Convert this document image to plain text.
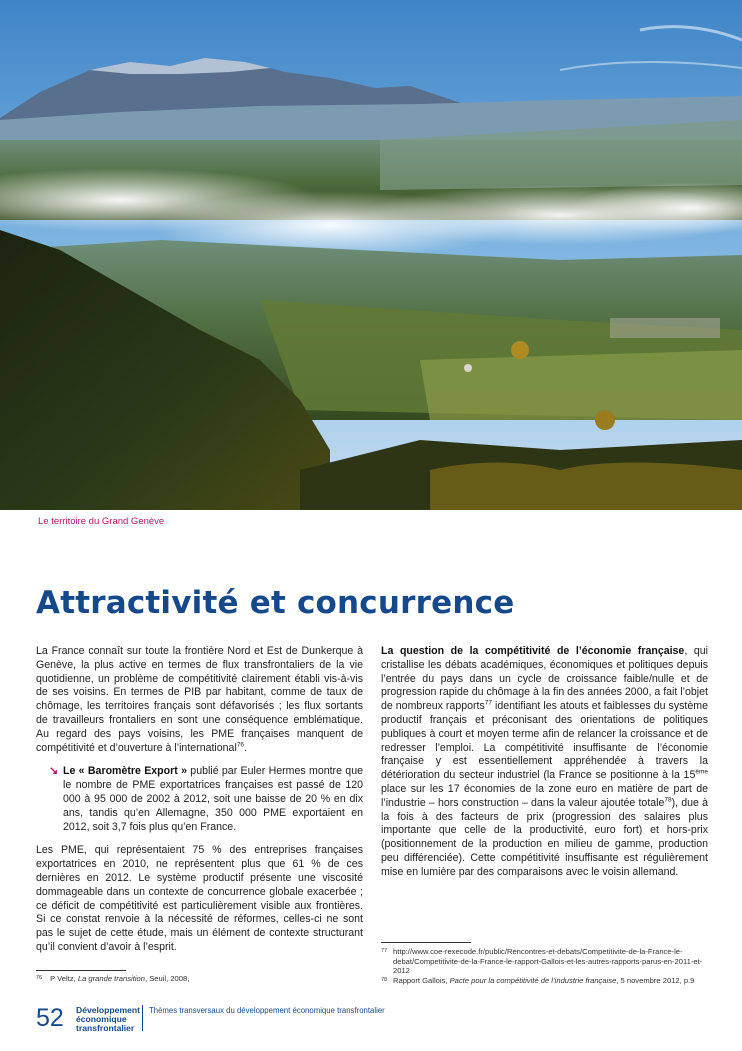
Le territoire du Grand Genève
Attractivité et concurrence

La France connaît sur toute la frontière Nord et Est de Dunkerque à Genève, la plus active en termes de flux transfrontaliers de la vie quotidienne, un problème de compétitivité clairement établi vis-à-vis de ses voisins. En termes de PIB par habitant, comme de taux de chômage, les territoires français sont défavorisés ; les flux sortants de travailleurs frontaliers en sont une conséquence emblématique. Au regard des pays voisins, les PME françaises manquent de compétitivité et d’ouverture à l’international$^{76}$.

↘ Le « Baromètre Export » publié par Euler Hermes montre que le nombre de PME exportatrices françaises est passé de 120 000 à 95 000 de 2002 à 2012, soit une baisse de 20 % en dix ans, tandis qu’en Allemagne, 350 000 PME exportaient en 2012, soit 3,7 fois plus qu’en France.

Les PME, qui représentaient 75 % des entreprises françaises exportatrices en 2010, ne représentent plus que 61 % de ces dernières en 2012. Le système productif présente une viscosité dommageable dans un contexte de concurrence globale exacerbée ; ce déficit de compétitivité est particulièrement visible aux frontières. Si ce constat renvoie à la nécessité de réformes, celles-ci ne sont pas le sujet de cette étude, mais un élément de contexte structurant qu’il convient d’avoir à l’esprit.

La question de la compétitivité de l’économie française, qui cristallise les débats académiques, économiques et politiques depuis l’entrée du pays dans un cycle de croissance faible/nulle et de progression rapide du chômage à la fin des années 2000, a fait l’objet de nombreux rapports$^{77}$ identifiant les atouts et faiblesses du système productif français et préconisant des orientations de politiques publiques à court et moyen terme afin de relancer la croissance et de redresser l’emploi. La compétitivité insuffisante de l’économie française y est essentiellement appréhendée à travers la détérioration du secteur industriel (la France se positionne à la 15ème place sur les 17 économies de la zone euro en matière de part de l’industrie – hors construction – dans la valeur ajoutée totale$^{78}$), due à la fois à des facteurs de prix (progression des salaires plus importante que celle de la productivité, euro fort) et hors-prix (positionnement de la production en milieu de gamme, production peu différenciée). Cette compétitivité insuffisante est régulièrement mise en lumière par des comparaisons avec le voisin allemand.

$^{76}$ P Veltz, La grande transition, Seuil, 2008,
77 http://www.coe-rexecode.fr/public/Rencontres-et-debats/Competitivite-de-la-France-le-debat/Competitivite-de-la-France-le-rapport-Gallois-et-les-autres-rapports-parus-en-2011-et-2012
78 Rapport Gallois, Pacte pour la compétitivité de l’industrie française, 5 novembre 2012, p.9
52 Développement
économique
transfrontalier
Thèmes transversaux du développement économique transfrontalier
